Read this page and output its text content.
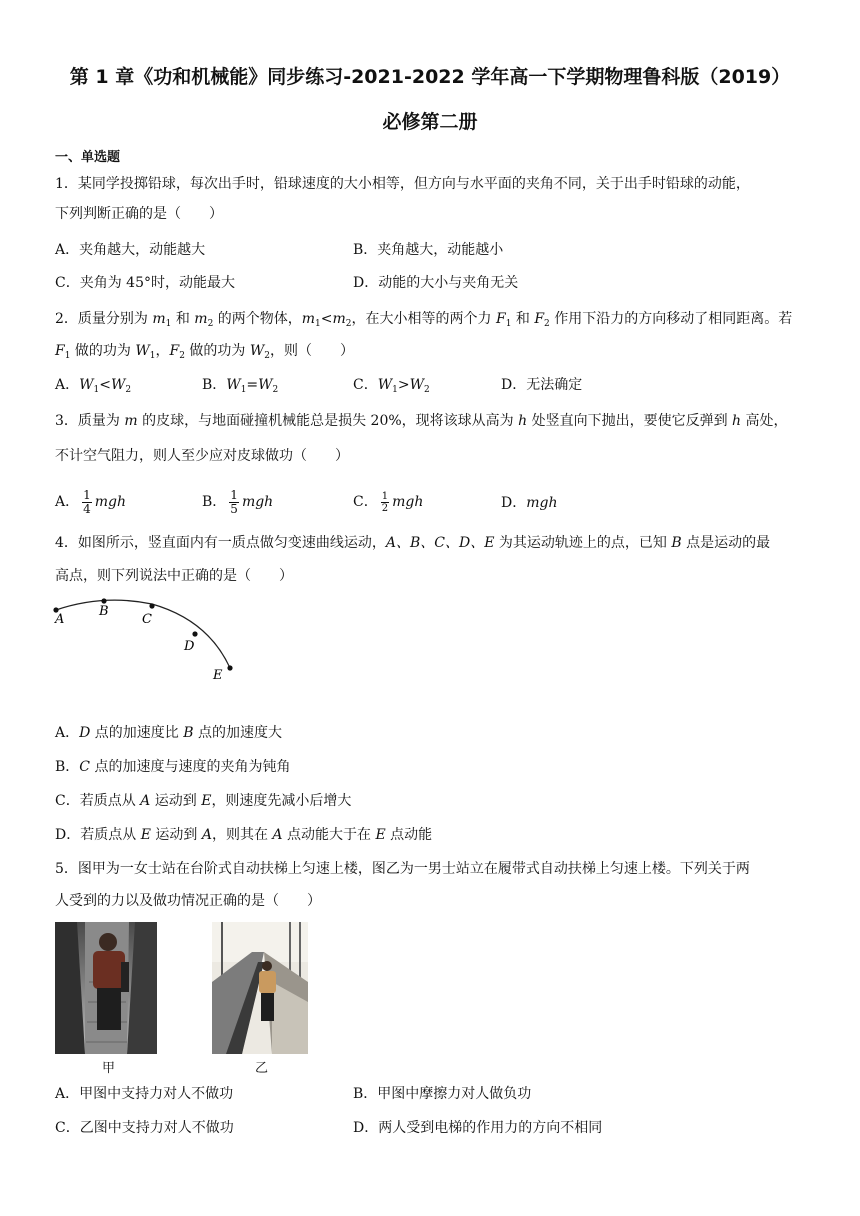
第 1 章《功和机械能》同步练习-2021-2022 学年高一下学期物理鲁科版（2019）
必修第二册
一、单选题
1．某同学投掷铅球，每次出手时，铅球速度的大小相等，但方向与水平面的夹角不同，关于出手时铅球的动能，
下列判断正确的是（　　）
A．夹角越大，动能越大	B．夹角越大，动能越小
C．夹角为 45°时，动能最大	D．动能的大小与夹角无关
2．质量分别为 $m_1$ 和 $m_2$ 的两个物体，$m_1<m_2$，在大小相等的两个力 $F_1$ 和 $F_2$ 作用下沿力的方向移动了相同距离。若
$F_1$ 做的功为 $W_1$，$F_2$ 做的功为 $W_2$，则（　　）
A．$W_1<W_2$	B．$W_1=W_2$	C．$W_1>W_2$	D．无法确定
3．质量为 m 的皮球，与地面碰撞机械能总是损失 20%，现将该球从高为 h 处竖直向下抛出，要使它反弹到 h 高处，
不计空气阻力，则人至少应对皮球做功（　　）
A． $\frac{1}{4}$ mgh	B． $\frac{1}{5}$ mgh	C． $\frac{1}{2}$ mgh	D．mgh
4．如图所示，竖直面内有一质点做匀变速曲线运动，A、B、C、D、E 为其运动轨迹上的点，已知 B 点是运动的最
高点，则下列说法中正确的是（　　）
A
B
C
D
E
A．D 点的加速度比 B 点的加速度大
B．C 点的加速度与速度的夹角为钝角
C．若质点从 A 运动到 E，则速度先减小后增大
D．若质点从 E 运动到 A，则其在 A 点动能大于在 E 点动能
5．图甲为一女士站在台阶式自动扶梯上匀速上楼，图乙为一男士站立在履带式自动扶梯上匀速上楼。下列关于两
人受到的力以及做功情况正确的是（　　）
甲	乙
A．甲图中支持力对人不做功	B．甲图中摩擦力对人做负功
C．乙图中支持力对人不做功	D．两人受到电梯的作用力的方向不相同
